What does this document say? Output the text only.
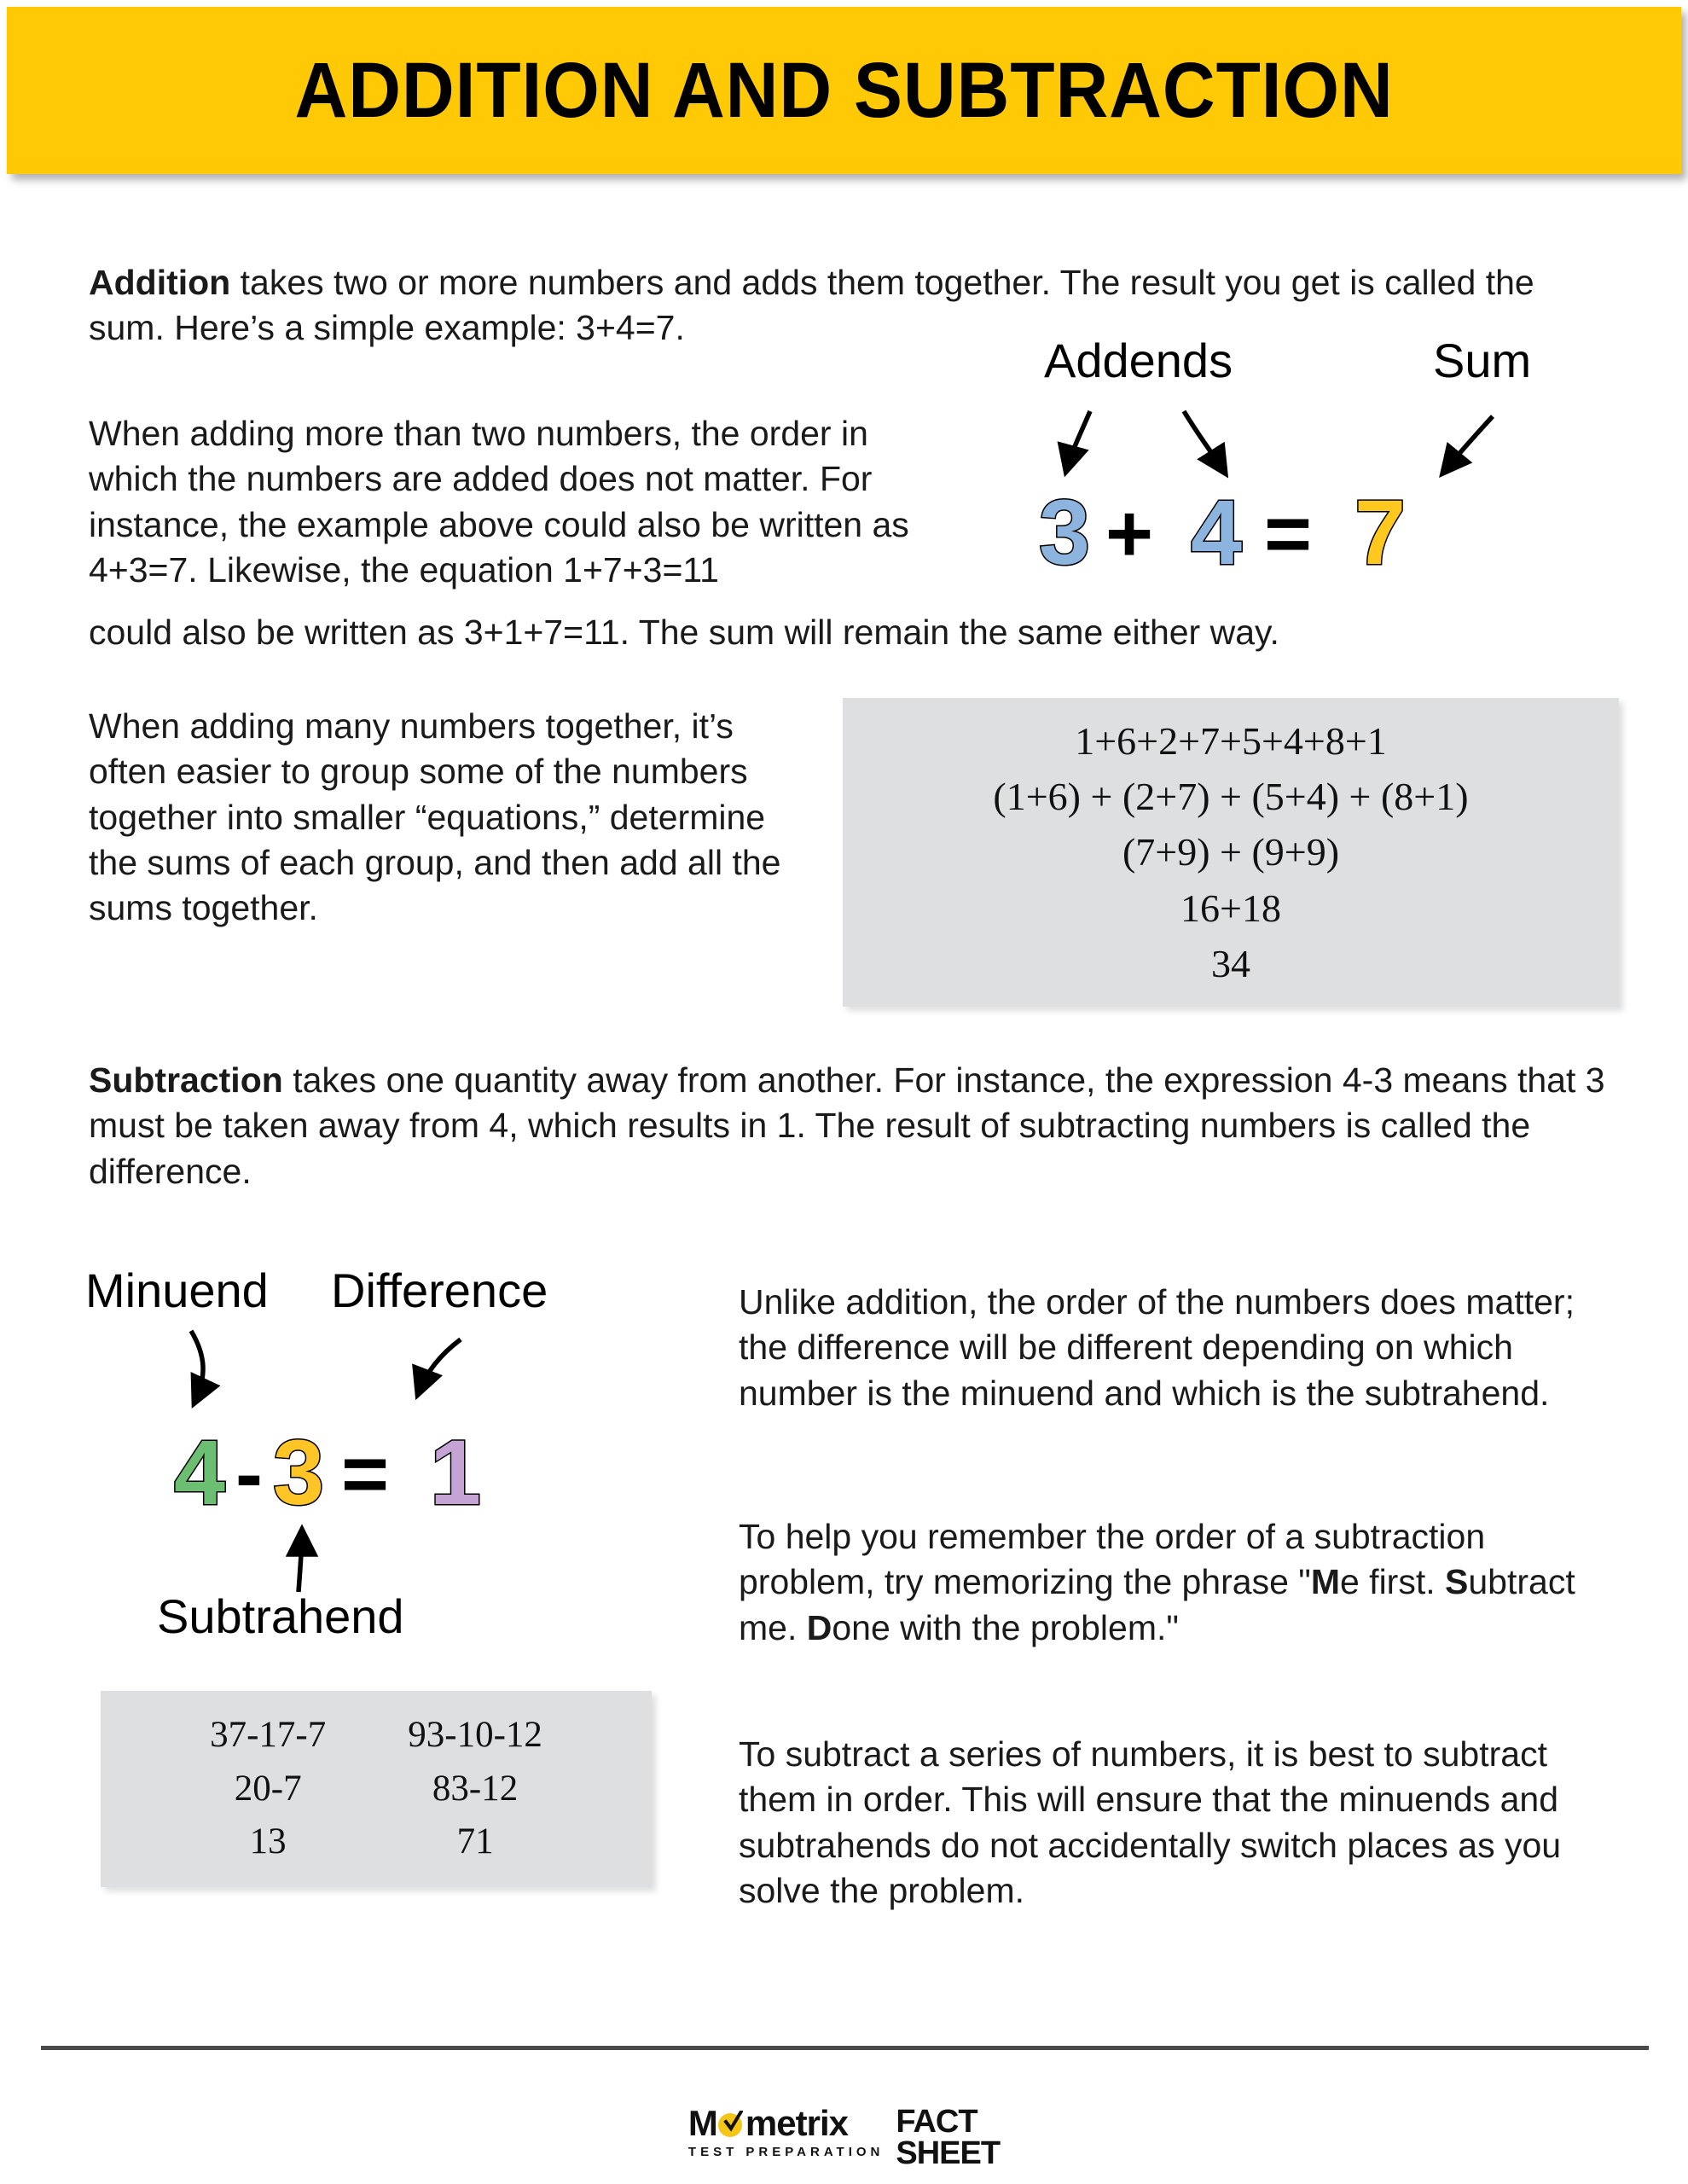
ADDITION AND SUBTRACTION
Addition takes two or more numbers and adds them together. The result you get is called the sum. Here’s a simple example: 3+4=7.
Addends	Sum
3 + 4 = 7
When adding more than two numbers, the order in which the numbers are added does not matter. For instance, the example above could also be written as 4+3=7. Likewise, the equation 1+7+3=11
could also be written as 3+1+7=11. The sum will remain the same either way.
When adding many numbers together, it’s often easier to group some of the numbers together into smaller “equations,” determine the sums of each group, and then add all the sums together.
1+6+2+7+5+4+8+1
(1+6) + (2+7) + (5+4) + (8+1)
(7+9) + (9+9)
16+18
34
Subtraction takes one quantity away from another. For instance, the expression 4-3 means that 3 must be taken away from 4, which results in 1. The result of subtracting numbers is called the difference.
Minuend Difference
4 - 3 = 1
Subtrahend
Unlike addition, the order of the numbers does matter; the difference will be different depending on which number is the minuend and which is the subtrahend.
To help you remember the order of a subtraction problem, try memorizing the phrase "Me first. Subtract me. Done with the problem."
To subtract a series of numbers, it is best to subtract them in order. This will ensure that the minuends and subtrahends do not accidentally switch places as you solve the problem.
37-17-7
20-7
13
93-10-12
83-12
71
M metrix
TEST PREPARATION
FACT
SHEET
